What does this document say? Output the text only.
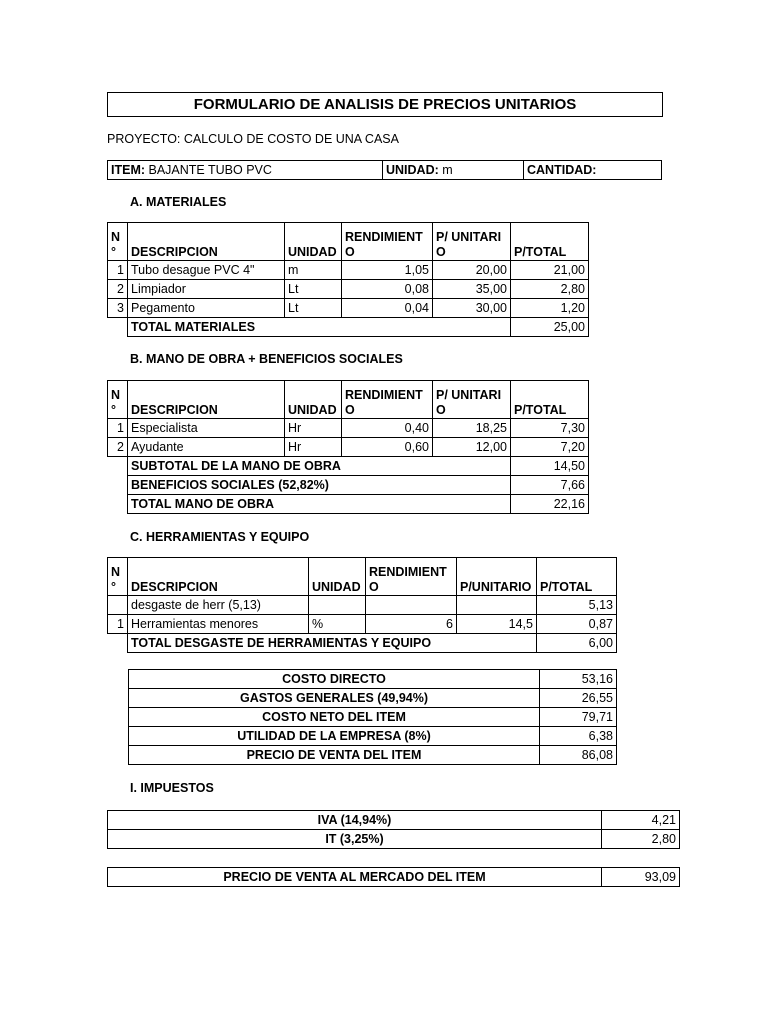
FORMULARIO DE ANALISIS DE PRECIOS UNITARIOS
PROYECTO: CALCULO DE COSTO DE UNA CASA
ITEM: BAJANTE TUBO PVC	UNIDAD: m	CANTIDAD:
A. MATERIALES
N °	DESCRIPCION	UNIDAD	RENDIMIENT O	P/ UNITARIO	P/TOTAL
1	Tubo desague PVC 4"	m	1,05	20,00	21,00
2	Limpiador	Lt	0,08	35,00	2,80
3	Pegamento	Lt	0,04	30,00	1,20
	TOTAL MATERIALES				25,00
B. MANO DE OBRA + BENEFICIOS SOCIALES
N °	DESCRIPCION	UNIDAD	RENDIMIENT O	P/ UNITARIO	P/TOTAL
1	Especialista	Hr	0,40	18,25	7,30
2	Ayudante	Hr	0,60	12,00	7,20
	SUBTOTAL DE LA MANO DE OBRA				14,50
	BENEFICIOS SOCIALES (52,82%)				7,66
	TOTAL MANO DE OBRA				22,16
C. HERRAMIENTAS Y EQUIPO
N °	DESCRIPCION	UNIDAD	RENDIMIENTO	P/UNITARIO	P/TOTAL
	desgaste de herr (5,13)				5,13
1	Herramientas menores	%	6	14,5	0,87
	TOTAL DESGASTE DE HERRAMIENTAS Y EQUIPO				6,00
COSTO DIRECTO	53,16
GASTOS GENERALES (49,94%)	26,55
COSTO NETO DEL ITEM	79,71
UTILIDAD DE LA EMPRESA (8%)	6,38
PRECIO DE VENTA DEL ITEM	86,08
I. IMPUESTOS
IVA (14,94%)	4,21
IT (3,25%)	2,80
PRECIO DE VENTA AL MERCADO DEL ITEM	93,09
